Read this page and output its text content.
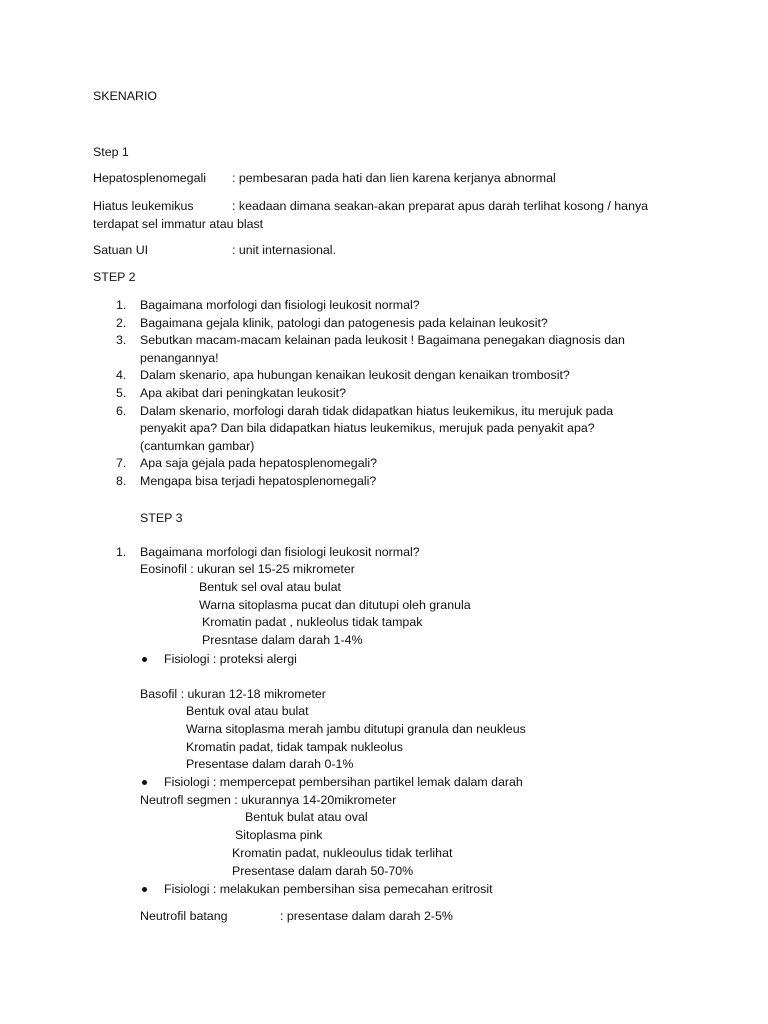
SKENARIO
Step 1
Hepatosplenomegali : pembesaran pada hati dan lien karena kerjanya abnormal
Hiatus leukemikus	: keadaan dimana seakan-akan preparat apus darah terlihat kosong / hanya
terdapat sel immatur atau blast
Satuan UI	: unit internasional.
STEP 2
1. Bagaimana morfologi dan fisiologi leukosit normal?
2. Bagaimana gejala klinik, patologi dan patogenesis pada kelainan leukosit?
3. Sebutkan macam-macam kelainan pada leukosit ! Bagaimana penegakan diagnosis dan
penangannya!
4. Dalam skenario, apa hubungan kenaikan leukosit dengan kenaikan trombosit?
5. Apa akibat dari peningkatan leukosit?
6. Dalam skenario, morfologi darah tidak didapatkan hiatus leukemikus, itu merujuk pada
penyakit apa? Dan bila didapatkan hiatus leukemikus, merujuk pada penyakit apa?
(cantumkan gambar)
7. Apa saja gejala pada hepatosplenomegali?
8. Mengapa bisa terjadi hepatosplenomegali?
STEP 3
1. Bagaimana morfologi dan fisiologi leukosit normal?
Eosinofil : ukuran sel 15-25 mikrometer
Bentuk sel oval atau bulat
Warna sitoplasma pucat dan ditutupi oleh granula
Kromatin padat , nukleolus tidak tampak
Presntase dalam darah 1-4%
Fisiologi : proteksi alergi
Basofil : ukuran 12-18 mikrometer
Bentuk oval atau bulat
Warna sitoplasma merah jambu ditutupi granula dan neukleus
Kromatin padat, tidak tampak nukleolus
Presentase dalam darah 0-1%
Fisiologi : mempercepat pembersihan partikel lemak dalam darah
Neutrofl segmen : ukurannya 14-20mikrometer
Bentuk bulat atau oval
Sitoplasma pink
Kromatin padat, nukleoulus tidak terlihat
Presentase dalam darah 50-70%
Fisiologi : melakukan pembersihan sisa pemecahan eritrosit
Neutrofil batang	: presentase dalam darah 2-5%
